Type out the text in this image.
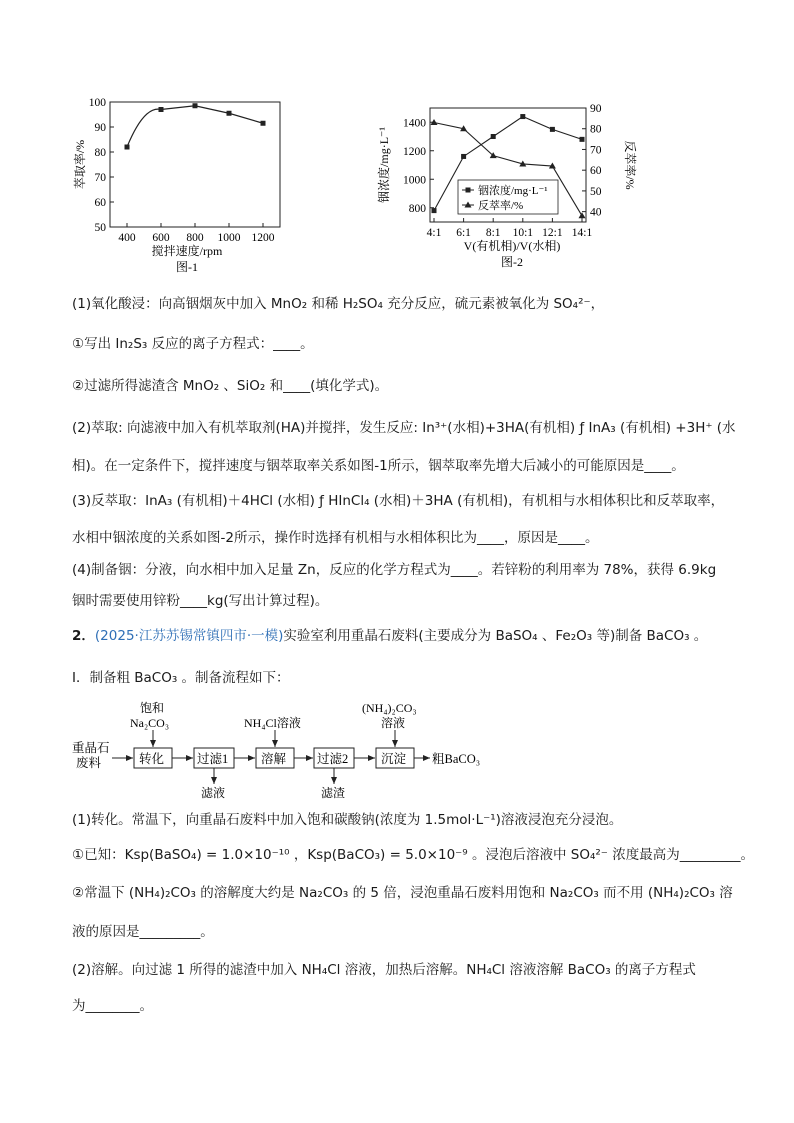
50
60
70
80
90
100
400 600 800 1000 1200
搅拌速度/rpm
图-1
萃取率/%
800
1000
1200
1400
40
50
60
70
80
90
4:1 6:1 8:1 10:1 12:1 14:1
铟浓度/mg·L⁻¹
反萃率/%
V(有机相)/V(水相)
图-2
铟浓度/mg·L⁻¹	反萃率/%
(1)氧化酸浸：向高铟烟灰中加入 MnO₂ 和稀 H₂SO₄ 充分反应，硫元素被氧化为 SO₄²⁻，
①写出 In₂S₃ 反应的离子方程式：____。
②过滤所得滤渣含 MnO₂ 、SiO₂ 和____(填化学式)。
(2)萃取: 向滤液中加入有机萃取剂(HA)并搅拌，发生反应: In³⁺(水相)+3HA(有机相) ƒ InA₃ (有机相) +3H⁺ (水
相)。在一定条件下，搅拌速度与铟萃取率关系如图-1所示，铟萃取率先增大后减小的可能原因是____。
(3)反萃取：InA₃ (有机相)＋4HCl (水相) ƒ HInCl₄ (水相)＋3HA (有机相)，有机相与水相体积比和反萃取率，
水相中铟浓度的关系如图-2所示，操作时选择有机相与水相体积比为____，原因是____。
(4)制备铟：分液，向水相中加入足量 Zn，反应的化学方程式为____。若锌粉的利用率为 78%，获得 6.9kg
铟时需要使用锌粉____kg(写出计算过程)。
2．(2025·江苏苏锡常镇四市·一模)实验室利用重晶石废料(主要成分为 BaSO₄ 、Fe₂O₃ 等)制备 BaCO₃ 。
Ⅰ．制备粗 BaCO₃ 。制备流程如下：
重晶石
废料	转化	过滤1	溶解 过滤2	沉淀 粗BaCO₃
饱和
Na₂CO₃	NH₄Cl溶液
(NH₄)₂CO₃
溶液
滤液	滤渣
(1)转化。常温下，向重晶石废料中加入饱和碳酸钠(浓度为 1.5mol·L⁻¹)溶液浸泡充分浸泡。
①已知：Ksp(BaSO₄) = 1.0×10⁻¹⁰ ，Ksp(BaCO₃) = 5.0×10⁻⁹ 。浸泡后溶液中 SO₄²⁻ 浓度最高为_________。
②常温下 (NH₄)₂CO₃ 的溶解度大约是 Na₂CO₃ 的 5 倍，浸泡重晶石废料用饱和 Na₂CO₃ 而不用 (NH₄)₂CO₃ 溶
液的原因是_________。
(2)溶解。向过滤 1 所得的滤渣中加入 NH₄Cl 溶液，加热后溶解。NH₄Cl 溶液溶解 BaCO₃ 的离子方程式
为________。
